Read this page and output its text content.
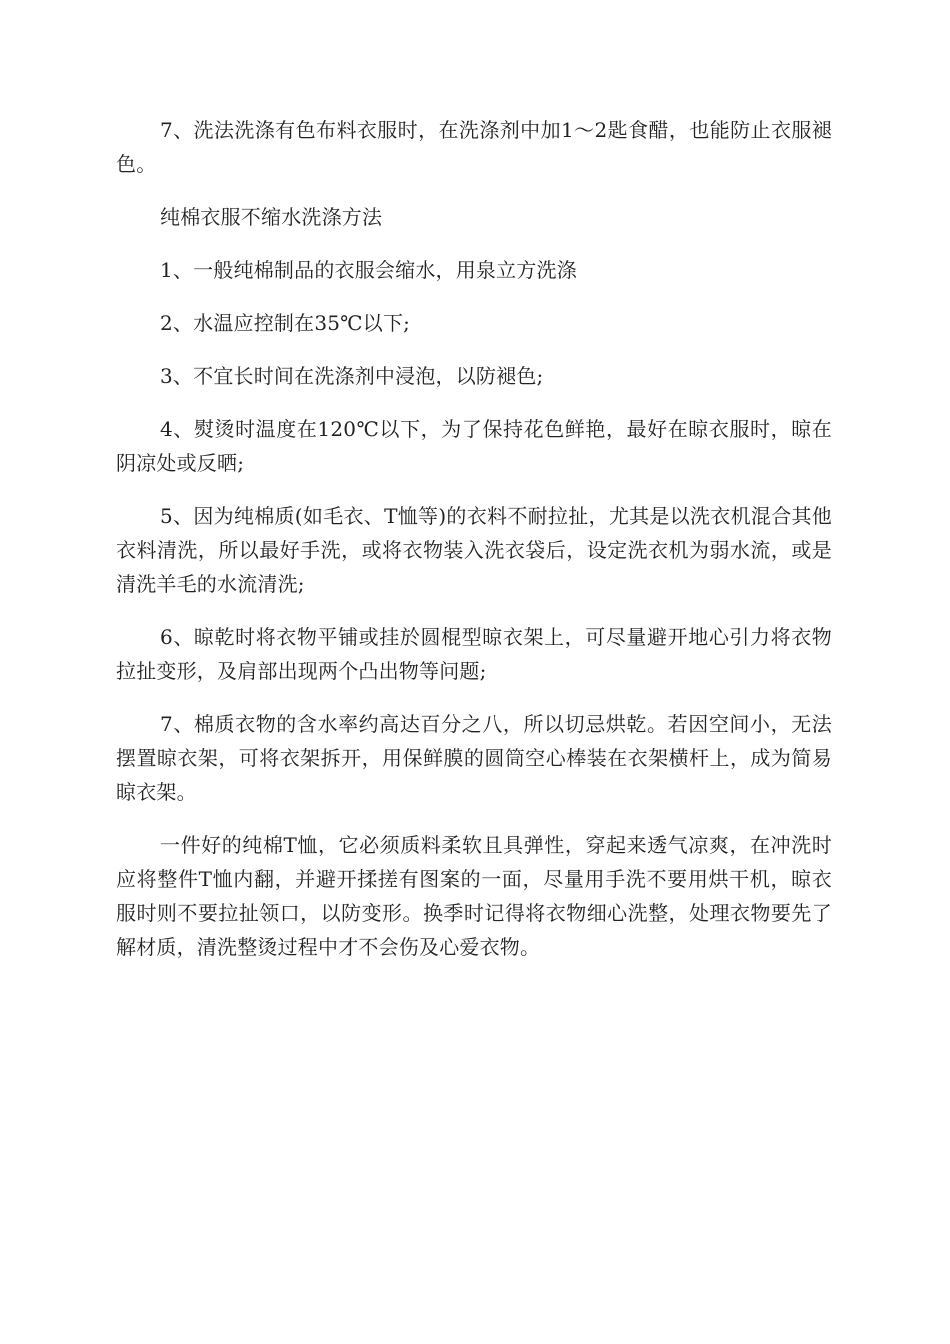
7、洗法洗涤有色布料衣服时，在洗涤剂中加1～2匙食醋，也能防止衣服褪色。

纯棉衣服不缩水洗涤方法

1、一般纯棉制品的衣服会缩水，用泉立方洗涤

2、水温应控制在35℃以下;

3、不宜长时间在洗涤剂中浸泡，以防褪色;

4、熨烫时温度在120℃以下，为了保持花色鲜艳，最好在晾衣服时，晾在阴凉处或反晒;

5、因为纯棉质(如毛衣、T恤等)的衣料不耐拉扯，尤其是以洗衣机混合其他衣料清洗，所以最好手洗，或将衣物装入洗衣袋后，设定洗衣机为弱水流，或是清洗羊毛的水流清洗;

6、晾乾时将衣物平铺或挂於圆棍型晾衣架上，可尽量避开地心引力将衣物拉扯变形，及肩部出现两个凸出物等问题;

7、棉质衣物的含水率约高达百分之八，所以切忌烘乾。若因空间小，无法摆置晾衣架，可将衣架拆开，用保鲜膜的圆筒空心棒装在衣架横杆上，成为简易晾衣架。

一件好的纯棉T恤，它必须质料柔软且具弹性，穿起来透气凉爽，在冲洗时应将整件T恤内翻，并避开揉搓有图案的一面，尽量用手洗不要用烘干机，晾衣服时则不要拉扯领口，以防变形。换季时记得将衣物细心洗整，处理衣物要先了解材质，清洗整烫过程中才不会伤及心爱衣物。
